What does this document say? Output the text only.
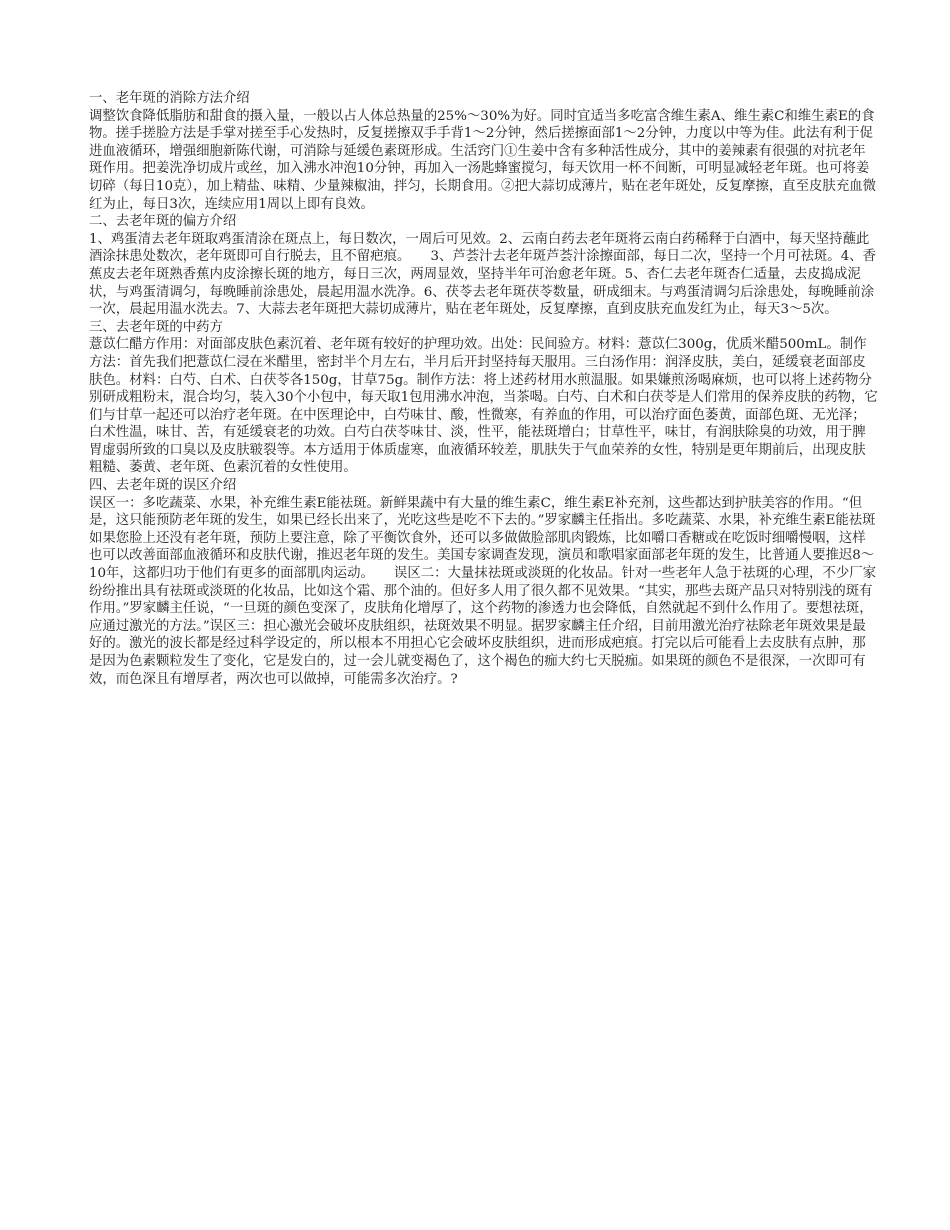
一、老年斑的消除方法介绍

调整饮食降低脂肪和甜食的摄入量，一般以占人体总热量的25%～30%为好。同时宜适当多吃富含维生素A、维生素C和维生素E的食物。搓手搓脸方法是手掌对搓至手心发热时，反复搓擦双手手背1～2分钟，然后搓擦面部1～2分钟，力度以中等为佳。此法有利于促进血液循环，增强细胞新陈代谢，可消除与延缓色素斑形成。生活窍门①生姜中含有多种活性成分，其中的姜辣素有很强的对抗老年斑作用。把姜洗净切成片或丝，加入沸水冲泡10分钟，再加入一汤匙蜂蜜搅匀，每天饮用一杯不间断，可明显减轻老年斑。也可将姜切碎（每日10克），加上精盐、味精、少量辣椒油，拌匀，长期食用。②把大蒜切成薄片，贴在老年斑处，反复摩擦，直至皮肤充血微红为止，每日3次，连续应用1周以上即有良效。

二、去老年斑的偏方介绍

1、鸡蛋清去老年斑取鸡蛋清涂在斑点上，每日数次，一周后可见效。2、云南白药去老年斑将云南白药稀释于白酒中，每天坚持蘸此酒涂抹患处数次，老年斑即可自行脱去，且不留疤痕。　　3、芦荟汁去老年斑芦荟汁涂擦面部，每日二次，坚持一个月可祛斑。4、香蕉皮去老年斑熟香蕉内皮涂擦长斑的地方，每日三次，两周显效，坚持半年可治愈老年斑。5、杏仁去老年斑杏仁适量，去皮捣成泥状，与鸡蛋清调匀，每晚睡前涂患处，晨起用温水洗净。6、茯苓去老年斑茯苓数量，研成细末。与鸡蛋清调匀后涂患处，每晚睡前涂一次，晨起用温水洗去。7、大蒜去老年斑把大蒜切成薄片，贴在老年斑处，反复摩擦，直到皮肤充血发红为止，每天3～5次。

三、去老年斑的中药方

薏苡仁醋方作用：对面部皮肤色素沉着、老年斑有较好的护理功效。出处：民间验方。材料：薏苡仁300g，优质米醋500mL。制作方法：首先我们把薏苡仁浸在米醋里，密封半个月左右，半月后开封坚持每天服用。三白汤作用：润泽皮肤，美白，延缓衰老面部皮肤色。材料：白芍、白术、白茯苓各150g，甘草75g。制作方法：将上述药材用水煎温服。如果嫌煎汤喝麻烦，也可以将上述药物分别研成粗粉末，混合均匀，装入30个小包中，每天取1包用沸水冲泡，当茶喝。白芍、白术和白茯苓是人们常用的保养皮肤的药物，它们与甘草一起还可以治疗老年斑。在中医理论中，白芍味甘、酸，性微寒，有养血的作用，可以治疗面色萎黄，面部色斑、无光泽；白术性温，味甘、苦，有延缓衰老的功效。白芍白茯苓味甘、淡，性平，能祛斑增白；甘草性平，味甘，有润肤除臭的功效，用于脾胃虚弱所致的口臭以及皮肤皲裂等。本方适用于体质虚寒，血液循环较差，肌肤失于气血荣养的女性，特别是更年期前后，出现皮肤粗糙、萎黄、老年斑、色素沉着的女性使用。

四、去老年斑的误区介绍

误区一：多吃蔬菜、水果，补充维生素E能祛斑。新鲜果蔬中有大量的维生素C，维生素E补充剂，这些都达到护肤美容的作用。“但是，这只能预防老年斑的发生，如果已经长出来了，光吃这些是吃不下去的。”罗家麟主任指出。多吃蔬菜、水果，补充维生素E能祛斑如果您脸上还没有老年斑，预防上要注意，除了平衡饮食外，还可以多做做脸部肌肉锻炼，比如嚼口香糖或在吃饭时细嚼慢咽，这样也可以改善面部血液循环和皮肤代谢，推迟老年斑的发生。美国专家调查发现，演员和歌唱家面部老年斑的发生，比普通人要推迟8～10年，这都归功于他们有更多的面部肌肉运动。　　误区二：大量抹祛斑或淡斑的化妆品。针对一些老年人急于祛斑的心理，不少厂家纷纷推出具有祛斑或淡斑的化妆品，比如这个霜、那个油的。但好多人用了很久都不见效果。“其实，那些去斑产品只对特别浅的斑有作用。”罗家麟主任说，“一旦斑的颜色变深了，皮肤角化增厚了，这个药物的渗透力也会降低，自然就起不到什么作用了。要想祛斑，应通过激光的方法。”误区三：担心激光会破坏皮肤组织，祛斑效果不明显。据罗家麟主任介绍，目前用激光治疗祛除老年斑效果是最好的。激光的波长都是经过科学设定的，所以根本不用担心它会破坏皮肤组织，进而形成疤痕。打完以后可能看上去皮肤有点肿，那是因为色素颗粒发生了变化，它是发白的，过一会儿就变褐色了，这个褐色的痂大约七天脱痂。如果斑的颜色不是很深，一次即可有效，而色深且有增厚者，两次也可以做掉，可能需多次治疗。?
